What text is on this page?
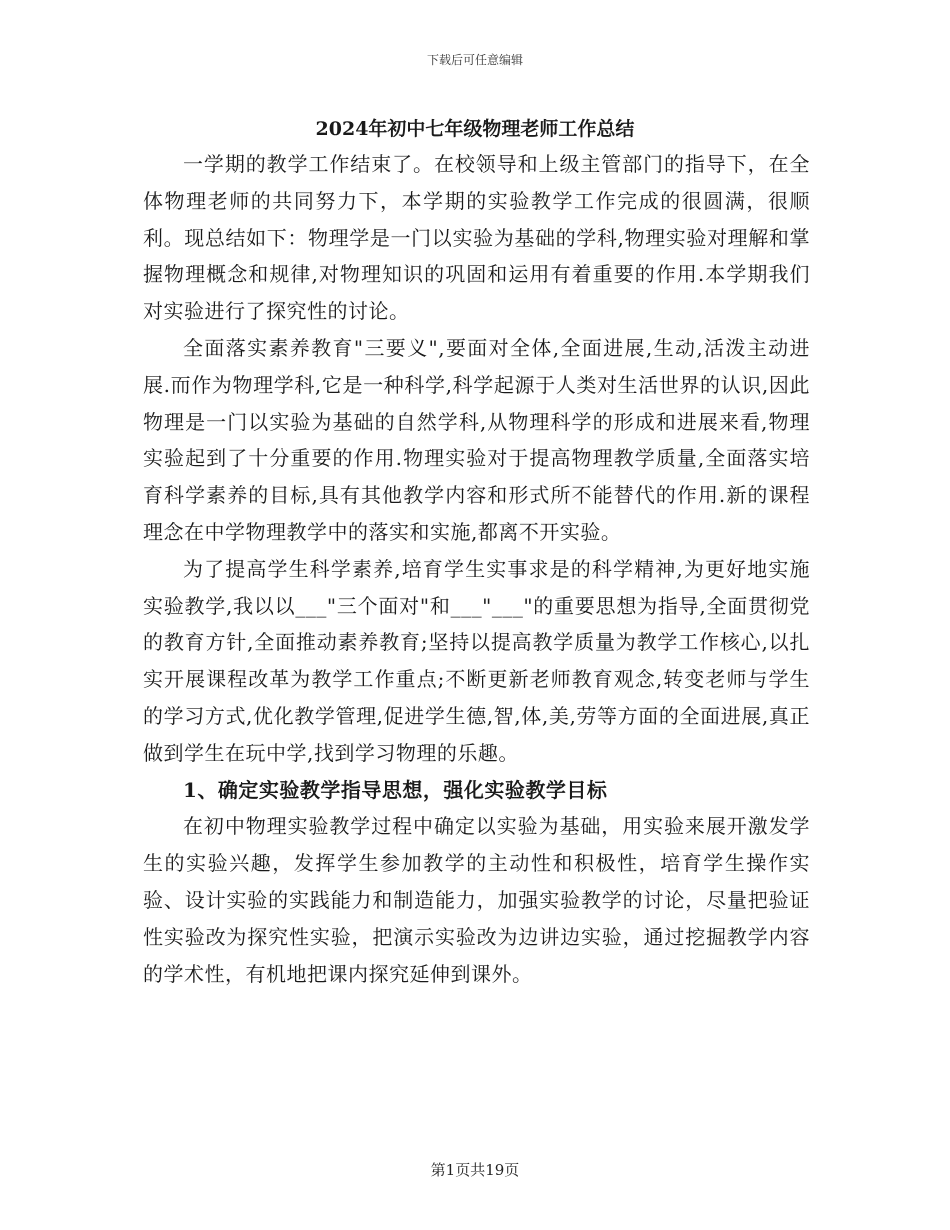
下载后可任意编辑
2024年初中七年级物理老师工作总结

一学期的教学工作结束了。在校领导和上级主管部门的指导下，在全体物理老师的共同努力下，本学期的实验教学工作完成的很圆满，很顺利。现总结如下：物理学是一门以实验为基础的学科,物理实验对理解和掌握物理概念和规律,对物理知识的巩固和运用有着重要的作用.本学期我们对实验进行了探究性的讨论。

全面落实素养教育"三要义",要面对全体,全面进展,生动,活泼主动进展.而作为物理学科,它是一种科学,科学起源于人类对生活世界的认识,因此物理是一门以实验为基础的自然学科,从物理科学的形成和进展来看,物理实验起到了十分重要的作用.物理实验对于提高物理教学质量,全面落实培育科学素养的目标,具有其他教学内容和形式所不能替代的作用.新的课程理念在中学物理教学中的落实和实施,都离不开实验。

为了提高学生科学素养,培育学生实事求是的科学精神,为更好地实施实验教学,我以以___"三个面对"和___"___"的重要思想为指导,全面贯彻党的教育方针,全面推动素养教育;坚持以提高教学质量为教学工作核心,以扎实开展课程改革为教学工作重点;不断更新老师教育观念,转变老师与学生的学习方式,优化教学管理,促进学生德,智,体,美,劳等方面的全面进展,真正做到学生在玩中学,找到学习物理的乐趣。

1、确定实验教学指导思想，强化实验教学目标

在初中物理实验教学过程中确定以实验为基础，用实验来展开激发学生的实验兴趣，发挥学生参加教学的主动性和积极性，培育学生操作实验、设计实验的实践能力和制造能力，加强实验教学的讨论，尽量把验证性实验改为探究性实验，把演示实验改为边讲边实验，通过挖掘教学内容的学术性，有机地把课内探究延伸到课外。

第1页共19页
